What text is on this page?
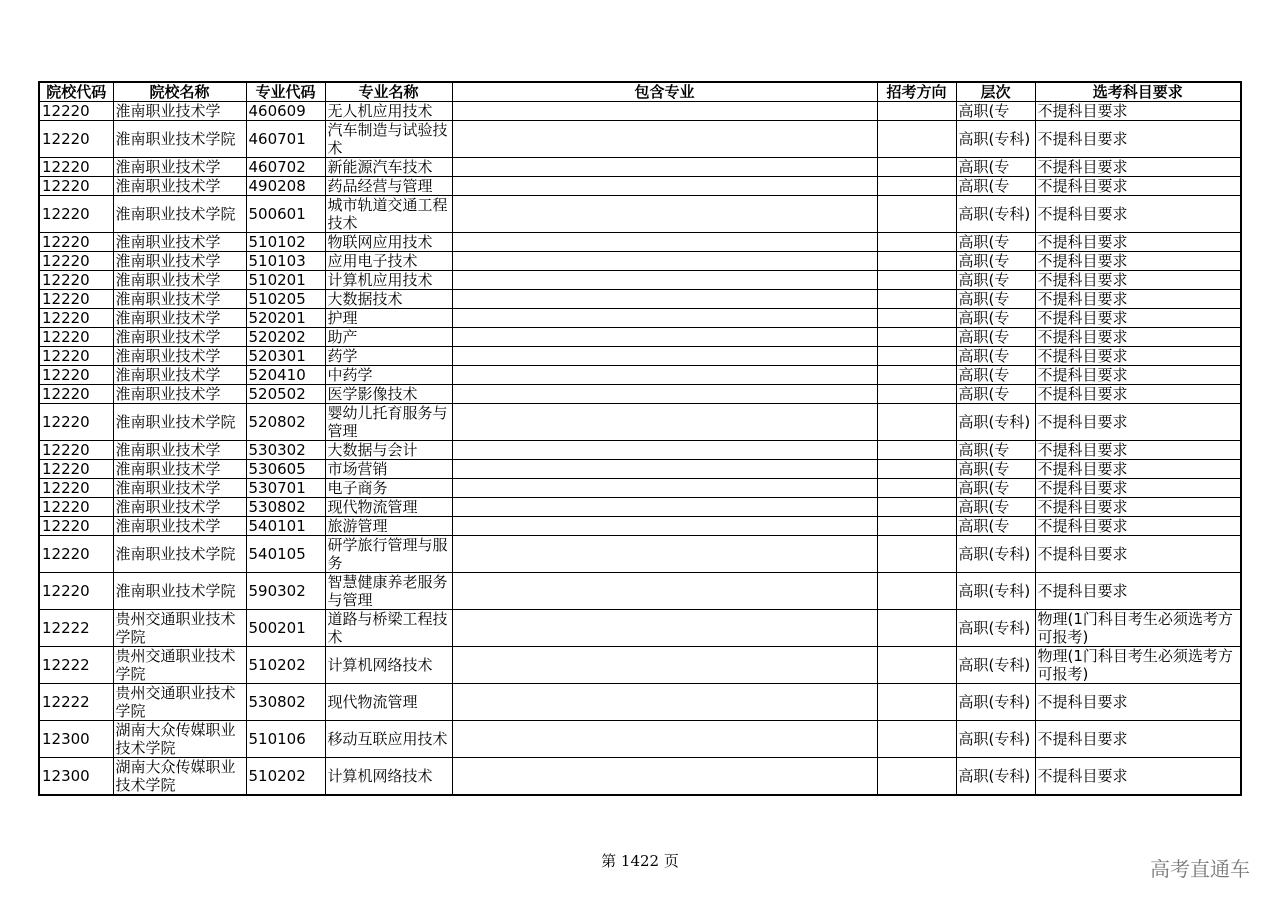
院校代码	院校名称	专业代码	专业名称	包含专业	招考方向	层次	选考科目要求
12220	淮南职业技术学	460609	无人机应用技术			高职(专	不提科目要求
12220	淮南职业技术学院	460701	汽车制造与试验技术			高职(专科)	不提科目要求
12220	淮南职业技术学	460702	新能源汽车技术			高职(专	不提科目要求
12220	淮南职业技术学	490208	药品经营与管理			高职(专	不提科目要求
12220	淮南职业技术学院	500601	城市轨道交通工程技术			高职(专科)	不提科目要求
12220	淮南职业技术学	510102	物联网应用技术			高职(专	不提科目要求
12220	淮南职业技术学	510103	应用电子技术			高职(专	不提科目要求
12220	淮南职业技术学	510201	计算机应用技术			高职(专	不提科目要求
12220	淮南职业技术学	510205	大数据技术			高职(专	不提科目要求
12220	淮南职业技术学	520201	护理			高职(专	不提科目要求
12220	淮南职业技术学	520202	助产			高职(专	不提科目要求
12220	淮南职业技术学	520301	药学			高职(专	不提科目要求
12220	淮南职业技术学	520410	中药学			高职(专	不提科目要求
12220	淮南职业技术学	520502	医学影像技术			高职(专	不提科目要求
12220	淮南职业技术学院	520802	婴幼儿托育服务与管理			高职(专科)	不提科目要求
12220	淮南职业技术学	530302	大数据与会计			高职(专	不提科目要求
12220	淮南职业技术学	530605	市场营销			高职(专	不提科目要求
12220	淮南职业技术学	530701	电子商务			高职(专	不提科目要求
12220	淮南职业技术学	530802	现代物流管理			高职(专	不提科目要求
12220	淮南职业技术学	540101	旅游管理			高职(专	不提科目要求
12220	淮南职业技术学院	540105	研学旅行管理与服务			高职(专科)	不提科目要求
12220	淮南职业技术学院	590302	智慧健康养老服务与管理			高职(专科)	不提科目要求
12222	贵州交通职业技术学院	500201	道路与桥梁工程技术			高职(专科)	物理(1门科目考生必须选考方可报考)
12222	贵州交通职业技术学院	510202	计算机网络技术			高职(专科)	物理(1门科目考生必须选考方可报考)
12222	贵州交通职业技术学院	530802	现代物流管理			高职(专科)	不提科目要求
12300	湖南大众传媒职业技术学院	510106	移动互联应用技术			高职(专科)	不提科目要求
12300	湖南大众传媒职业技术学院	510202	计算机网络技术			高职(专科)	不提科目要求
第 1422 页	高考直通车
